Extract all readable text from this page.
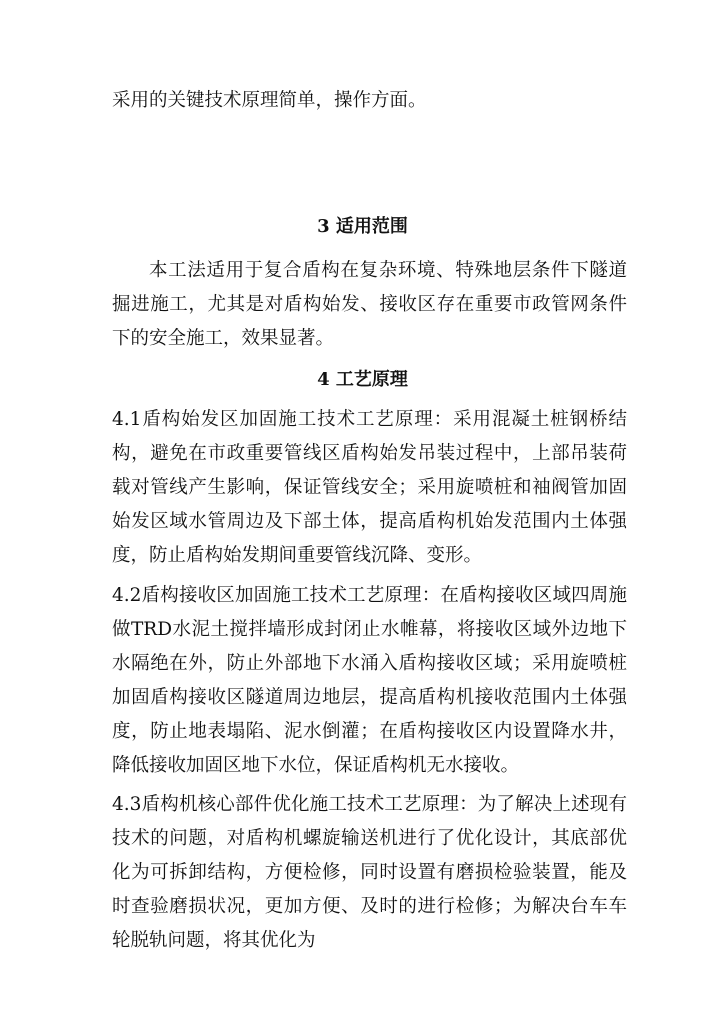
采用的关键技术原理简单，操作方面。

3 适用范围

本工法适用于复合盾构在复杂环境、特殊地层条件下隧道掘进施工，尤其是对盾构始发、接收区存在重要市政管网条件下的安全施工，效果显著。

4 工艺原理

4.1盾构始发区加固施工技术工艺原理：采用混凝土桩钢桥结构，避免在市政重要管线区盾构始发吊装过程中，上部吊装荷载对管线产生影响，保证管线安全；采用旋喷桩和袖阀管加固始发区域水管周边及下部土体，提高盾构机始发范围内土体强度，防止盾构始发期间重要管线沉降、变形。

4.2盾构接收区加固施工技术工艺原理：在盾构接收区域四周施做TRD水泥土搅拌墙形成封闭止水帷幕，将接收区域外边地下水隔绝在外，防止外部地下水涌入盾构接收区域；采用旋喷桩加固盾构接收区隧道周边地层，提高盾构机接收范围内土体强度，防止地表塌陷、泥水倒灌；在盾构接收区内设置降水井，降低接收加固区地下水位，保证盾构机无水接收。

4.3盾构机核心部件优化施工技术工艺原理：为了解决上述现有技术的问题，对盾构机螺旋输送机进行了优化设计，其底部优化为可拆卸结构，方便检修，同时设置有磨损检验装置，能及时查验磨损状况，更加方便、及时的进行检修；为解决台车车轮脱轨问题，将其优化为
